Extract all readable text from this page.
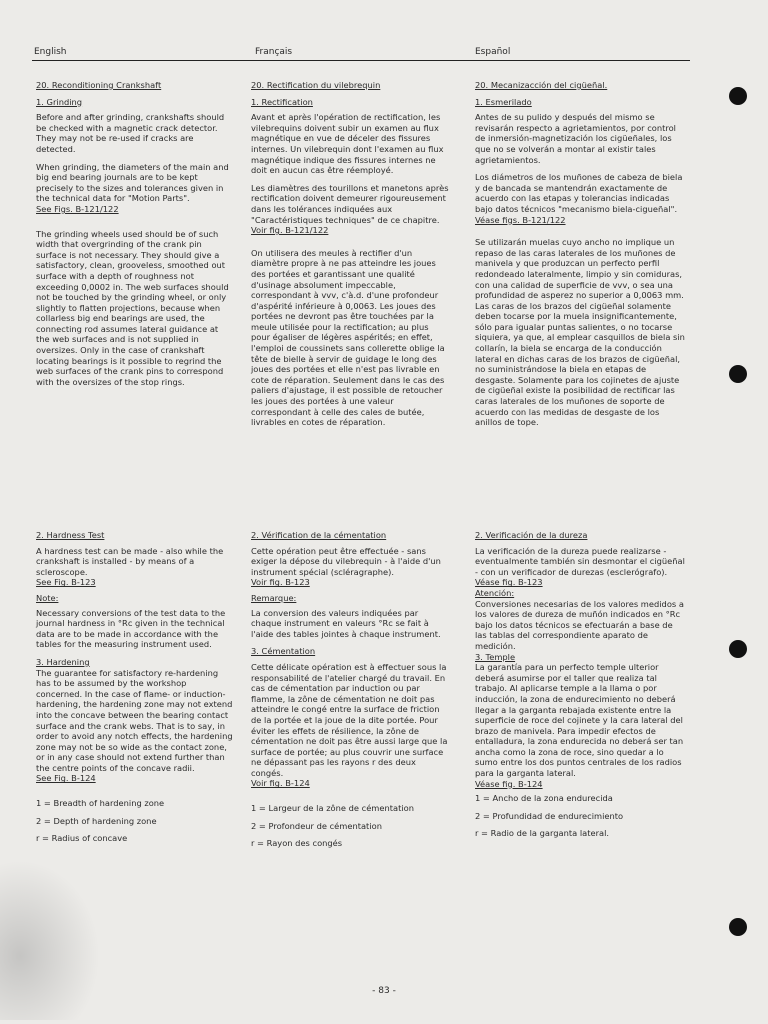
English	Français	Español
20. Reconditioning Crankshaft
1. Grinding

Before and after grinding, crankshafts should be checked with a magnetic crack detector. They may not be re-used if cracks are detected.

When grinding, the diameters of the main and big end bearing journals are to be kept precisely to the sizes and tolerances given in the technical data for "Motion Parts".

See Figs. B-121/122

The grinding wheels used should be of such width that overgrinding of the crank pin surface is not necessary. They should give a satisfactory, clean, grooveless, smoothed out surface with a depth of roughness not exceeding 0,0002 in. The web surfaces should not be touched by the grinding wheel, or only slightly to flatten projections, because when collarless big end bearings are used, the connecting rod assumes lateral guidance at the web surfaces and is not supplied in oversizes. Only in the case of crankshaft locating bearings is it possible to regrind the web surfaces of the crank pins to correspond with the oversizes of the stop rings.

2. Hardness Test

A hardness test can be made - also while the crankshaft is installed - by means of a scleroscope.

See Fig. B-123

Note:

Necessary conversions of the test data to the journal hardness in °Rc given in the technical data are to be made in accordance with the tables for the measuring instrument used.

3. Hardening

The guarantee for satisfactory re-hardening has to be assumed by the workshop concerned. In the case of flame- or induction-hardening, the hardening zone may not extend into the concave between the bearing contact surface and the crank webs. That is to say, in order to avoid any notch effects, the hardening zone may not be so wide as the contact zone, or in any case should not extend further than the centre points of the concave radii.

See Fig. B-124

1 = Breadth of hardening zone

2 = Depth of hardening zone

r = Radius of concave

20. Rectification du vilebrequin
1. Rectification

Avant et après l'opération de rectification, les vilebrequins doivent subir un examen au flux magnétique en vue de déceler des fissures internes. Un vilebrequin dont l'examen au flux magnétique indique des fissures internes ne doit en aucun cas être réemployé.

Les diamètres des tourillons et manetons après rectification doivent demeurer rigoureusement dans les tolérances indiquées aux "Caractéristiques techniques" de ce chapitre.

Voir fig. B-121/122

On utilisera des meules à rectifier d'un diamètre propre à ne pas atteindre les joues des portées et garantissant une qualité d'usinage absolument impeccable, correspondant à vvv, c'à.d. d'une profondeur d'aspérité inférieure à 0,0063. Les joues des portées ne devront pas être touchées par la meule utilisée pour la rectification; au plus pour égaliser de légères aspérités; en effet, l'emploi de coussinets sans collerette oblige la tête de bielle à servir de guidage le long des joues des portées et elle n'est pas livrable en cote de réparation. Seulement dans le cas des paliers d'ajustage, il est possible de retoucher les joues des portées à une valeur correspondant à celle des cales de butée, livrables en cotes de réparation.

2. Vérification de la cémentation

Cette opération peut être effectuée - sans exiger la dépose du vilebrequin - à l'aide d'un instrument spécial (scléragraphe).

Voir fig. B-123

Remarque:

La conversion des valeurs indiquées par chaque instrument en valeurs °Rc se fait à l'aide des tables jointes à chaque instrument.

3. Cémentation

Cette délicate opération est à effectuer sous la responsabilité de l'atelier chargé du travail. En cas de cémentation par induction ou par flamme, la zône de cémentation ne doit pas atteindre le congé entre la surface de friction de la portée et la joue de la dite portée. Pour éviter les effets de résilience, la zône de cémentation ne doit pas être aussi large que la surface de portée; au plus couvrir une surface ne dépassant pas les rayons r des deux congés.

Voir fig. B-124

1 = Largeur de la zône de cémentation

2 = Profondeur de cémentation

r = Rayon des congés

20. Mecanizacción del cigüeñal.
1. Esmerilado

Antes de su pulido y después del mismo se revisarán respecto a agrietamientos, por control de inmersión-magnetización los cigüeñales, los que no se volverán a montar al existir tales agrietamientos.

Los diámetros de los muñones de cabeza de biela y de bancada se mantendrán exactamente de acuerdo con las etapas y tolerancias indicadas bajo datos técnicos "mecanismo biela-cigueñal".

Véase figs. B-121/122

Se utilizarán muelas cuyo ancho no implique un repaso de las caras laterales de los muñones de manivela y que produzcan un perfecto perfil redondeado lateralmente, limpio y sin comiduras, con una calidad de superficie de vvv, o sea una profundidad de asperez no superior a 0,0063 mm. Las caras de los brazos del cigüeñal solamente deben tocarse por la muela insignificantemente, sólo para igualar puntas salientes, o no tocarse siquiera, ya que, al emplear casquillos de biela sin collarín, la biela se encarga de la conducción lateral en dichas caras de los brazos de cigüeñal, no suministrándose la biela en etapas de desgaste. Solamente para los cojinetes de ajuste de cigüeñal existe la posibilidad de rectificar las caras laterales de los muñones de soporte de acuerdo con las medidas de desgaste de los anillos de tope.

2. Verificación de la dureza

La verificación de la dureza puede realizarse - eventualmente también sin desmontar el cigüeñal - con un verificador de durezas (esclerógrafo).

Véase fig. B-123

Atención:

Conversiones necesarias de los valores medidos a los valores de dureza de muñón indicados en °Rc bajo los datos técnicos se efectuarán a base de las tablas del correspondiente aparato de medición.

3. Temple

La garantía para un perfecto temple ulterior deberá asumirse por el taller que realiza tal trabajo. Al aplicarse temple a la llama o por inducción, la zona de endurecimiento no deberá llegar a la garganta rebajada existente entre la superficie de roce del cojinete y la cara lateral del brazo de manivela. Para impedir efectos de entalladura, la zona endurecida no deberá ser tan ancha como la zona de roce, sino quedar a lo sumo entre los dos puntos centrales de los radios para la garganta lateral.

Véase fig. B-124

1 = Ancho de la zona endurecida

2 = Profundidad de endurecimiento

r = Radio de la garganta lateral.

- 83 -
